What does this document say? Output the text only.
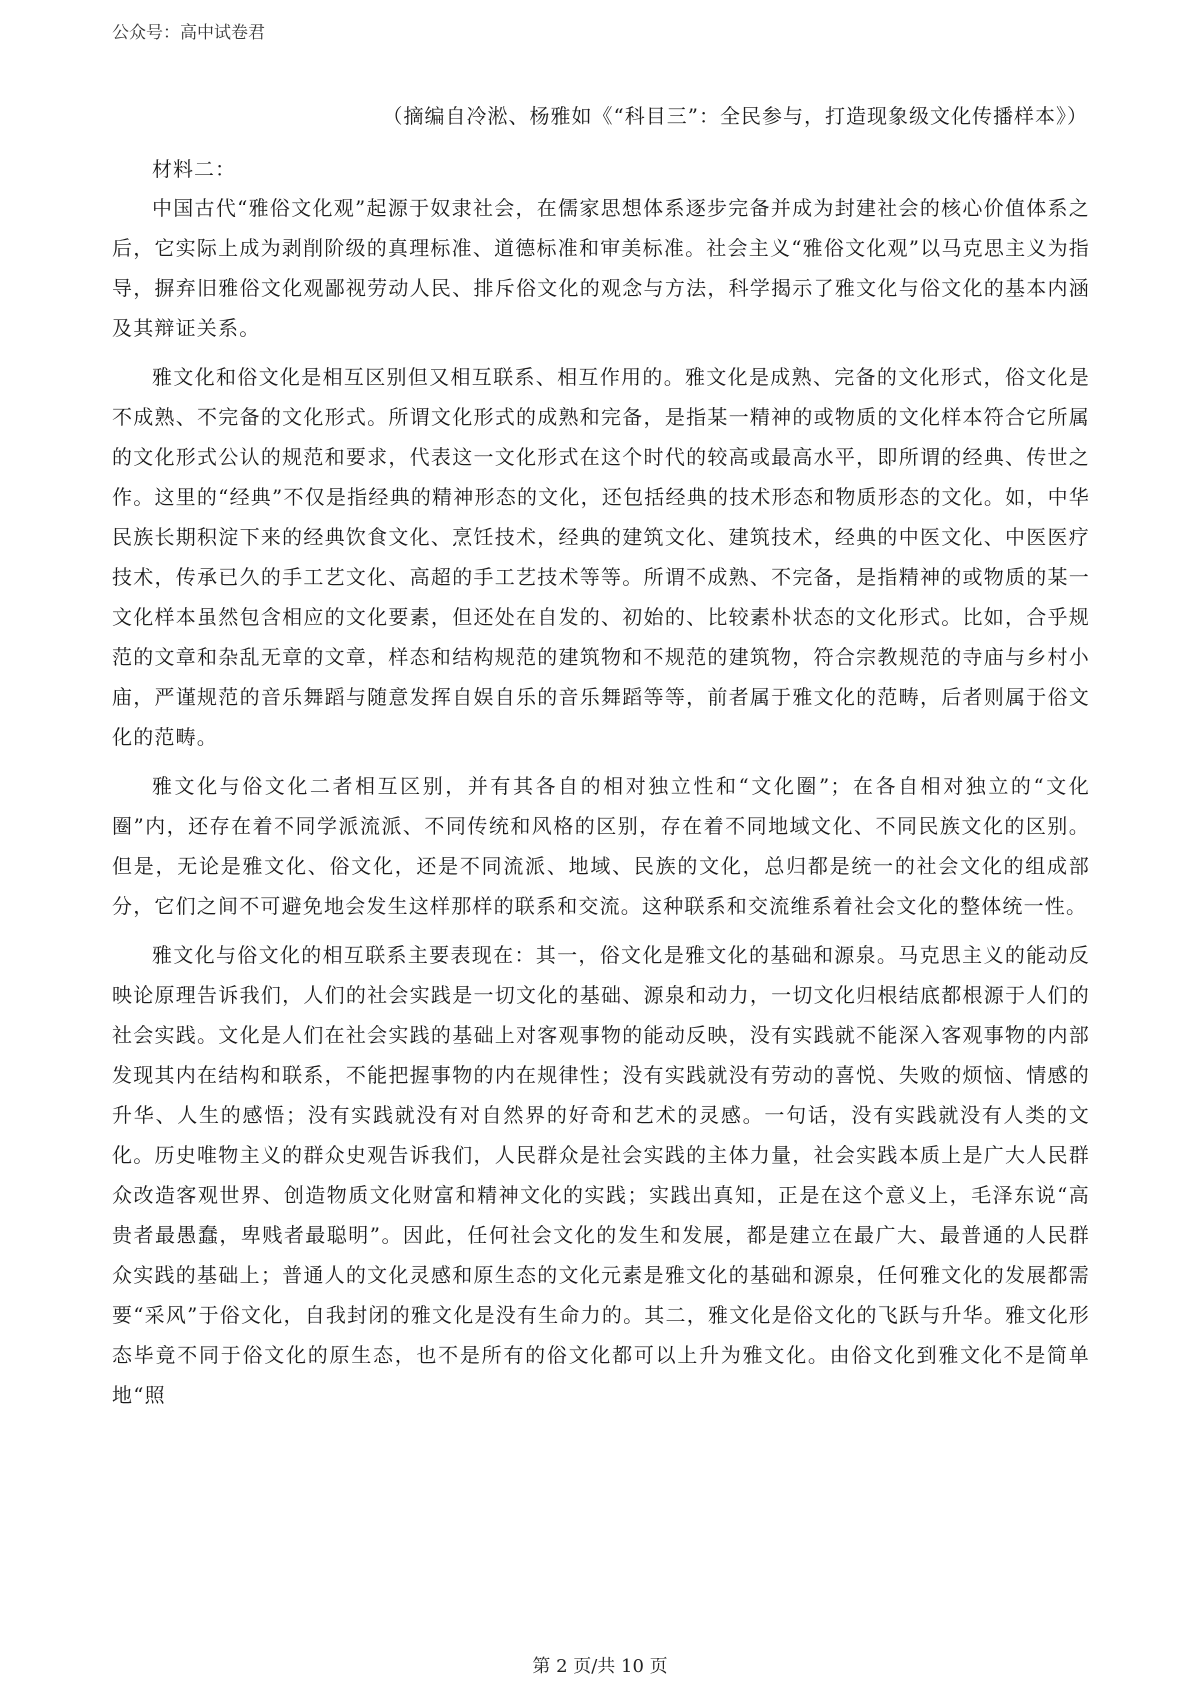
公众号：高中试卷君
（摘编自冷淞、杨雅如《“科目三”：全民参与，打造现象级文化传播样本》）
材料二：

中国古代“雅俗文化观”起源于奴隶社会，在儒家思想体系逐步完备并成为封建社会的核心价值体系之后，它实际上成为剥削阶级的真理标准、道德标准和审美标准。社会主义“雅俗文化观”以马克思主义为指导，摒弃旧雅俗文化观鄙视劳动人民、排斥俗文化的观念与方法，科学揭示了雅文化与俗文化的基本内涵及其辩证关系。

雅文化和俗文化是相互区别但又相互联系、相互作用的。雅文化是成熟、完备的文化形式，俗文化是不成熟、不完备的文化形式。所谓文化形式的成熟和完备，是指某一精神的或物质的文化样本符合它所属的文化形式公认的规范和要求，代表这一文化形式在这个时代的较高或最高水平，即所谓的经典、传世之作。这里的“经典”不仅是指经典的精神形态的文化，还包括经典的技术形态和物质形态的文化。如，中华民族长期积淀下来的经典饮食文化、烹饪技术，经典的建筑文化、建筑技术，经典的中医文化、中医医疗技术，传承已久的手工艺文化、高超的手工艺技术等等。所谓不成熟、不完备，是指精神的或物质的某一文化样本虽然包含相应的文化要素，但还处在自发的、初始的、比较素朴状态的文化形式。比如，合乎规范的文章和杂乱无章的文章，样态和结构规范的建筑物和不规范的建筑物，符合宗教规范的寺庙与乡村小庙，严谨规范的音乐舞蹈与随意发挥自娱自乐的音乐舞蹈等等，前者属于雅文化的范畴，后者则属于俗文化的范畴。

雅文化与俗文化二者相互区别，并有其各自的相对独立性和“文化圈”；在各自相对独立的“文化圈”内，还存在着不同学派流派、不同传统和风格的区别，存在着不同地域文化、不同民族文化的区别。但是，无论是雅文化、俗文化，还是不同流派、地域、民族的文化，总归都是统一的社会文化的组成部分，它们之间不可避免地会发生这样那样的联系和交流。这种联系和交流维系着社会文化的整体统一性。

雅文化与俗文化的相互联系主要表现在：其一，俗文化是雅文化的基础和源泉。马克思主义的能动反映论原理告诉我们，人们的社会实践是一切文化的基础、源泉和动力，一切文化归根结底都根源于人们的社会实践。文化是人们在社会实践的基础上对客观事物的能动反映，没有实践就不能深入客观事物的内部发现其内在结构和联系，不能把握事物的内在规律性；没有实践就没有劳动的喜悦、失败的烦恼、情感的升华、人生的感悟；没有实践就没有对自然界的好奇和艺术的灵感。一句话，没有实践就没有人类的文化。历史唯物主义的群众史观告诉我们，人民群众是社会实践的主体力量，社会实践本质上是广大人民群众改造客观世界、创造物质文化财富和精神文化的实践；实践出真知，正是在这个意义上，毛泽东说“高贵者最愚蠢，卑贱者最聪明”。因此，任何社会文化的发生和发展，都是建立在最广大、最普通的人民群众实践的基础上；普通人的文化灵感和原生态的文化元素是雅文化的基础和源泉，任何雅文化的发展都需要“采风”于俗文化，自我封闭的雅文化是没有生命力的。其二，雅文化是俗文化的飞跃与升华。雅文化形态毕竟不同于俗文化的原生态，也不是所有的俗文化都可以上升为雅文化。由俗文化到雅文化不是简单地“照

第 2 页/共 10 页
